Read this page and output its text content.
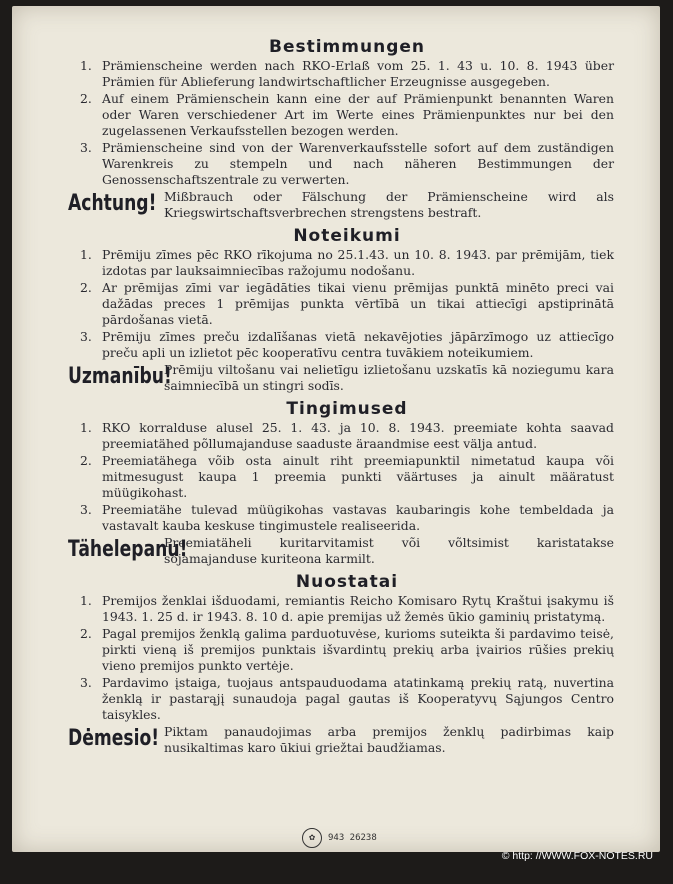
Bestimmungen
1. Prämienscheine werden nach RKO-Erlaß vom 25. 1. 43 u. 10. 8. 1943 über Prämien für Ablieferung landwirtschaftlicher Erzeugnisse ausgegeben.
2. Auf einem Prämienschein kann eine der auf Prämienpunkt benannten Waren oder Waren verschiedener Art im Werte eines Prämienpunktes nur bei den zugelassenen Verkaufsstellen bezogen werden.
3. Prämienscheine sind von der Warenverkaufsstelle sofort auf dem zuständigen Warenkreis zu stempeln und nach näheren Bestimmungen der Genossenschaftszentrale zu verwerten.
Achtung! Mißbrauch oder Fälschung der Prämienscheine wird als Kriegswirtschaftsverbrechen strengstens bestraft.
Noteikumi
1. Prēmiju zīmes pēc RKO rīkojuma no 25.1.43. un 10. 8. 1943. par prēmijām, tiek izdotas par lauksaimniecības ražojumu nodošanu.
2. Ar prēmijas zīmi var iegādāties tikai vienu prēmijas punktā minēto preci vai dažādas preces 1 prēmijas punkta vērtībā un tikai attiecīgi apstiprinātā pārdošanas vietā.
3. Prēmiju zīmes preču izdalīšanas vietā nekavējoties jāpārzīmogo uz attiecīgo preču apli un izlietot pēc kooperatīvu centra tuvākiem noteikumiem.
Uzmanību!
Prēmiju viltošanu vai nelietīgu izlietošanu uzskatīs kā noziegumu kara saimniecībā un stingri sodīs.
Tingimused
1. RKO korralduse alusel 25. 1. 43. ja 10. 8. 1943. preemiate kohta saavad preemiatähed põllumajanduse saaduste äraandmise eest välja antud.
2. Preemiatähega võib osta ainult riht preemiapunktil nimetatud kaupa või mitmesugust kaupa 1 preemia punkti väärtuses ja ainult määratust müügikohast.
3. Preemiatähe tulevad müügikohas vastavas kaubaringis kohe tembeldada ja vastavalt kauba keskuse tingimustele realiseerida.
Tähelepanu!
Preemiatäheli kuritarvitamist või võltsimist karistatakse sõjamajanduse kuriteona karmilt.
Nuostatai
1. Premijos ženklai išduodami, remiantis Reicho Komisaro Rytų Kraštui įsakymu iš 1943. 1. 25 d. ir 1943. 8. 10 d. apie premijas už žemės ūkio gaminių pristatymą.
2. Pagal premijos ženklą galima parduotuvėse, kurioms suteikta ši pardavimo teisė, pirkti vieną iš premijos punktais išvardintų prekių arba įvairios rūšies prekių vieno premijos punkto vertėje.
3. Pardavimo įstaiga, tuojaus antspauduodama atatinkamą prekių ratą, nuvertina ženklą ir pastarąjį sunaudoja pagal gautas iš Kooperatyvų Sąjungos Centro taisykles.
Dėmesio! Piktam panaudojimas arba premijos ženklų padirbimas kaip nusikaltimas karo ūkiui griežtai baudžiamas.
✿	943 26238
© http: //WWW.FOX-NOTES.RU
